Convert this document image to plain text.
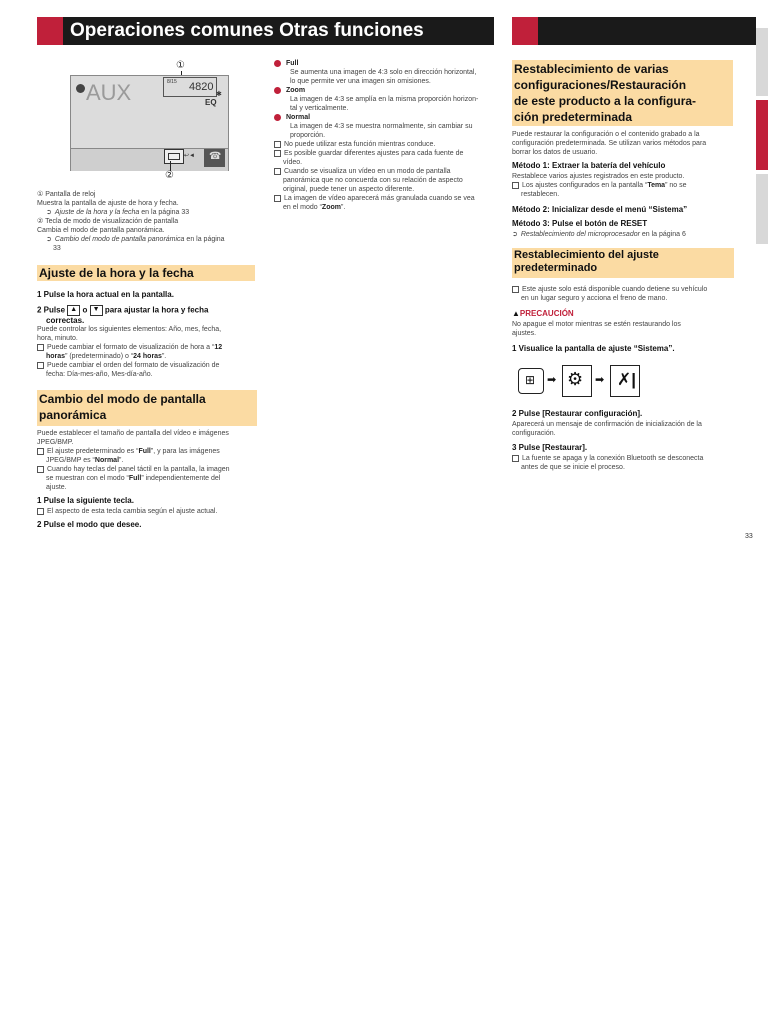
Operaciones comunes Otras funciones
①
AUX	8/15 4820
✱
EQ
↩◄ ☎
②
① Pantalla de reloj
Muestra la pantalla de ajuste de hora y fecha.
➲ Ajuste de la hora y la fecha en la página 33
② Tecla de modo de visualización de pantalla
Cambia el modo de pantalla panorámica.
➲ Cambio del modo de pantalla panorámica en la página
33
Ajuste de la hora y la fecha
1 Pulse la hora actual en la pantalla.
2 Pulse ▲ o ▼ para ajustar la hora y fecha
correctas.
Puede controlar los siguientes elementos: Año, mes, fecha,
hora, minuto.
Puede cambiar el formato de visualización de hora a “12
horas” (predeterminado) o “24 horas”.
Puede cambiar el orden del formato de visualización de
fecha: Día-mes-año, Mes-día-año.
Cambio del modo de pantalla
panorámica
Puede establecer el tamaño de pantalla del vídeo e imágenes
JPEG/BMP.
El ajuste predeterminado es “Full”, y para las imágenes
JPEG/BMP es “Normal”.
Cuando hay teclas del panel táctil en la pantalla, la imagen
se muestran con el modo “Full” independientemente del
ajuste.
1 Pulse la siguiente tecla.
El aspecto de esta tecla cambia según el ajuste actual.
2 Pulse el modo que desee.
Full
Se aumenta una imagen de 4:3 solo en dirección horizontal,
lo que permite ver una imagen sin omisiones.
Zoom
La imagen de 4:3 se amplía en la misma proporción horizon-
tal y verticalmente.
Normal
La imagen de 4:3 se muestra normalmente, sin cambiar su
proporción.
No puede utilizar esta función mientras conduce.
Es posible guardar diferentes ajustes para cada fuente de
vídeo.
Cuando se visualiza un vídeo en un modo de pantalla
panorámica que no concuerda con su relación de aspecto
original, puede tener un aspecto diferente.
La imagen de vídeo aparecerá más granulada cuando se vea
en el modo “Zoom”.
Restablecimiento de varias
configuraciones/Restauración
de este producto a la configura-
ción predeterminada
Puede restaurar la configuración o el contenido grabado a la
configuración predeterminada. Se utilizan varios métodos para
borrar los datos de usuario.
Método 1: Extraer la batería del vehículo
Restablece varios ajustes registrados en este producto.
Los ajustes configurados en la pantalla “Tema” no se
restablecen.
Método 2: Inicializar desde el menú “Sistema”
Método 3: Pulse el botón de RESET
➲ Restablecimiento del microprocesador en la página 6
Restablecimiento del ajuste
predeterminado
Este ajuste solo está disponible cuando detiene su vehículo
en un lugar seguro y acciona el freno de mano.
▲PRECAUCIÓN
No apague el motor mientras se estén restaurando los
ajustes.
1 Visualice la pantalla de ajuste “Sistema”.
⊞ ➡ ⚙ ➡ ✗|
2 Pulse [Restaurar configuración].
Aparecerá un mensaje de confirmación de inicialización de la
configuración.
3 Pulse [Restaurar].
La fuente se apaga y la conexión Bluetooth se desconecta
antes de que se inicie el proceso.
33
